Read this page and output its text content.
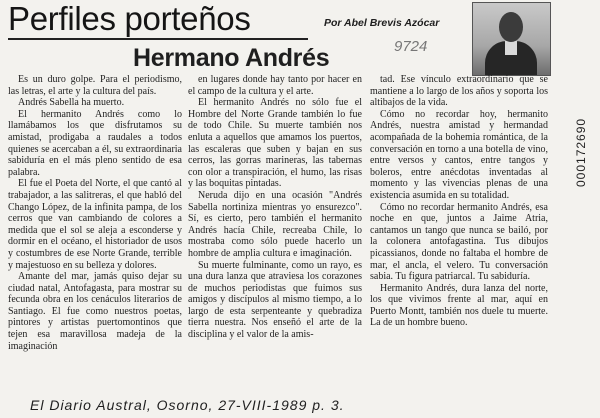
Perfiles porteños	Por Abel Brevis Azócar
Hermano Andrés	9724

Es un duro golpe. Para el periodismo, las letras, el arte y la cultura del país.

Andrés Sabella ha muerto.

El hermanito Andrés como lo llamábamos los que disfrutamos su amistad, prodigaba a raudales a todos quienes se acercaban a él, su extraordinaria sabiduría en el más pleno sentido de esa palabra.

El fue el Poeta del Norte, el que cantó al trabajador, a las salitreras, el que habló del Chango López, de la infinita pampa, de los cerros que van cambiando de colores a medida que el sol se aleja a esconderse y dormir en el océano, el historiador de usos y costumbres de ese Norte Grande, terrible y majestuoso en su belleza y dolores.

Amante del mar, jamás quiso dejar su ciudad natal, Antofagasta, para mostrar su fecunda obra en los cenáculos literarios de Santiago. El fue como nuestros poetas, pintores y artistas puertomontinos que tejen esa maravillosa madeja de la imaginación

en lugares donde hay tanto por hacer en el campo de la cultura y el arte.

El hermanito Andrés no sólo fue el Hombre del Norte Grande también lo fue de todo Chile. Su muerte también nos enluta a aquellos que amamos los puertos, las escaleras que suben y bajan en sus cerros, las gorras marineras, las tabernas con olor a transpiración, el humo, las risas y las boquitas pintadas.

Neruda dijo en una ocasión "Andrés Sabella nortiniza mientras yo ensurezco". Sí, es cierto, pero también el hermanito Andrés hacía Chile, recreaba Chile, lo mostraba como sólo puede hacerlo un hombre de amplia cultura e imaginación.

Su muerte fulminante, como un rayo, es una dura lanza que atraviesa los corazones de muchos periodistas que fuimos sus amigos y discípulos al mismo tiempo, a lo largo de esta serpenteante y quebradiza tierra nuestra. Nos enseñó el arte de la disciplina y el valor de la amis-

tad. Ese vínculo extraordinario que se mantiene a lo largo de los años y soporta los altibajos de la vida.

Cómo no recordar hoy, hermanito Andrés, nuestra amistad y hermandad acompañada de la bohemia romántica, de la conversación en torno a una botella de vino, entre versos y cantos, entre tangos y boleros, entre anécdotas inventadas al momento y las vivencias plenas de una existencia asumida en su totalidad.

Cómo no recordar hermanito Andrés, esa noche en que, juntos a Jaime Atria, cantamos un tango que nunca se bailó, por la colonera antofagastina. Tus dibujos picassianos, donde no faltaba el hombre de mar, el ancla, el velero. Tu conversación sabia. Tu figura patriarcal. Tu sabiduría.

Hermanito Andrés, dura lanza del norte, los que vivimos frente al mar, aquí en Puerto Montt, también nos duele tu muerte. La de un hombre bueno.

000172690
El Diario Austral, Osorno, 27-VIII-1989 p. 3.
